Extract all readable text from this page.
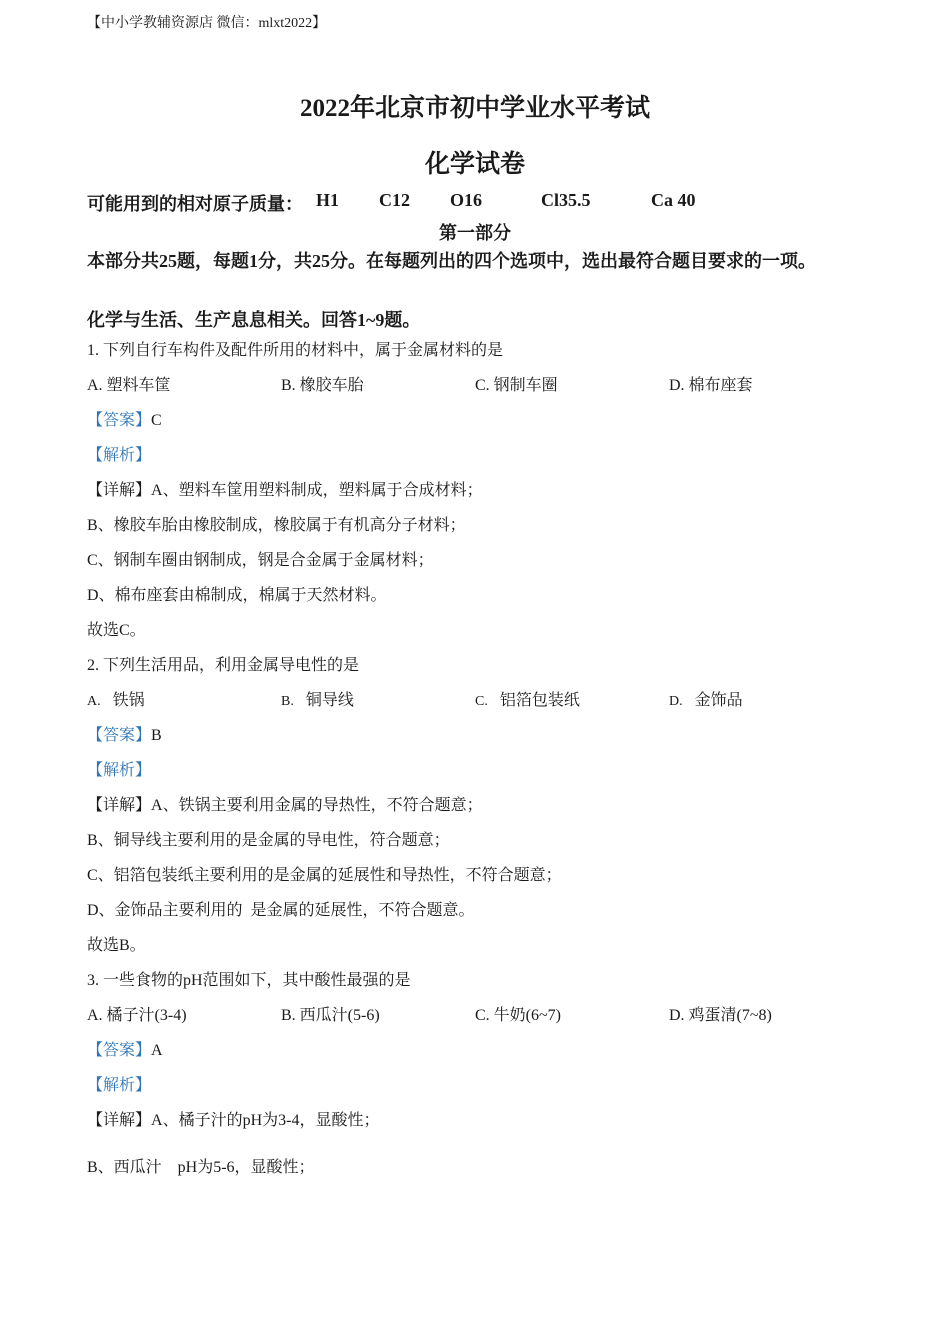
【中小学教辅资源店 微信：mlxt2022】
2022年北京市初中学业水平考试
化学试卷
可能用到的相对原子质量： H1 C12 O16	Cl35.5	Ca 40
第一部分
本部分共25题，每题1分，共25分。在每题列出的四个选项中，选出最符合题目要求的一项。
化学与生活、生产息息相关。回答1~9题。
1. 下列自行车构件及配件所用的材料中，属于金属材料的是
A. 塑料车筐	B. 橡胶车胎	C. 钢制车圈	D. 棉布座套
【答案】C
【解析】
【详解】A、塑料车筐用塑料制成，塑料属于合成材料；
B、橡胶车胎由橡胶制成，橡胶属于有机高分子材料；
C、钢制车圈由钢制成，钢是合金属于金属材料；
D、棉布座套由棉制成，棉属于天然材料。
故选C。
2. 下列生活用品，利用金属导电性的是
A. 铁锅	B. 铜导线	C. 铝箔包装纸	D. 金饰品
【答案】B
【解析】
【详解】A、铁锅主要利用金属的导热性，不符合题意；
B、铜导线主要利用的是金属的导电性，符合题意；
C、铝箔包装纸主要利用的是金属的延展性和导热性，不符合题意；
D、金饰品主要利用的  是金属的延展性，不符合题意。
故选B。
3. 一些食物的pH范围如下，其中酸性最强的是
A. 橘子汁(3-4)	B. 西瓜汁(5-6)	C. 牛奶(6~7)	D. 鸡蛋清(7~8)
【答案】A
【解析】
【详解】A、橘子汁的pH为3-4，显酸性；
B、西瓜汁    pH为5-6，显酸性；
